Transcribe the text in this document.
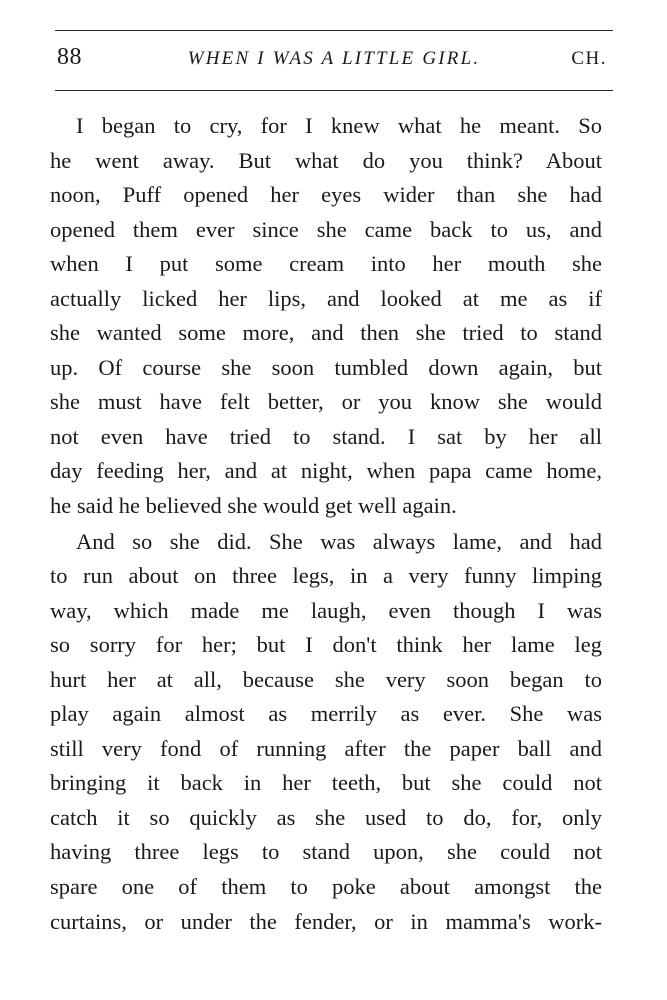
88	WHEN I WAS A LITTLE GIRL.	CH.
I began to cry, for I knew what he meant. So
he went away. But what do you think? About
noon, Puff opened her eyes wider than she had
opened them ever since she came back to us, and
when I put some cream into her mouth she
actually licked her lips, and looked at me as if
she wanted some more, and then she tried to stand
up. Of course she soon tumbled down again, but
she must have felt better, or you know she would
not even have tried to stand. I sat by her all
day feeding her, and at night, when papa came home,
he said he believed she would get well again.
And so she did. She was always lame, and had
to run about on three legs, in a very funny limping
way, which made me laugh, even though I was
so sorry for her; but I don't think her lame leg
hurt her at all, because she very soon began to
play again almost as merrily as ever. She was
still very fond of running after the paper ball and
bringing it back in her teeth, but she could not
catch it so quickly as she used to do, for, only
having three legs to stand upon, she could not
spare one of them to poke about amongst the
curtains, or under the fender, or in mamma's work-
